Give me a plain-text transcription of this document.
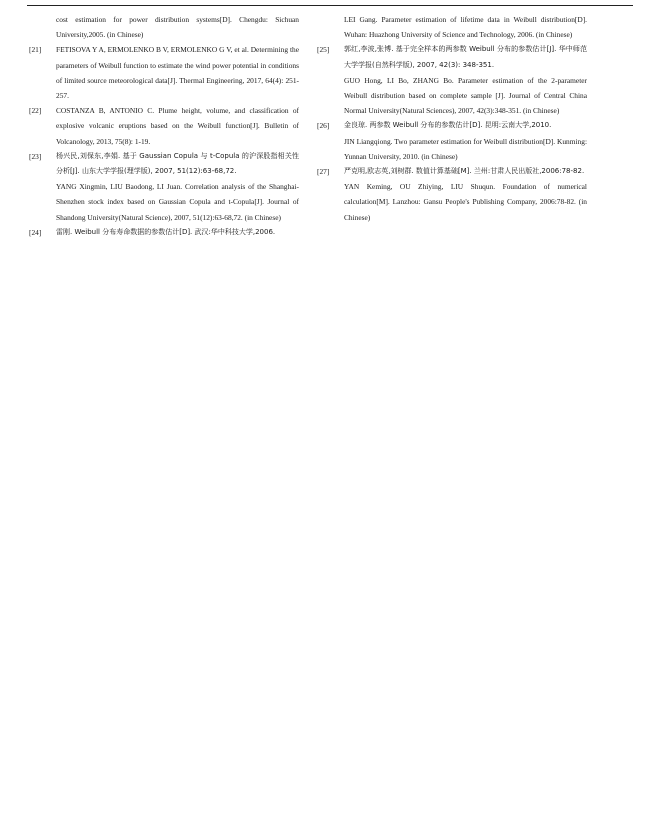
cost estimation for power distribution systems[D]. Chengdu: Sichuan University,2005. (in Chinese)

[21]	FETISOVA Y A, ERMOLENKO B V, ERMOLENKO G V, et al. Determining the parameters of Weibull function to estimate the wind power potential in conditions of limited source meteorological data[J]. Thermal Engineering, 2017, 64(4): 251-257.

[22]	COSTANZA B, ANTONIO C. Plume height, volume, and classification of explosive volcanic eruptions based on the Weibull function[J]. Bulletin of Volcanology, 2013, 75(8): 1-19.

[23]	杨兴民,刘保东,李娟. 基于 Gaussian Copula 与 t-Copula 的沪深股指相关性分析[J]. 山东大学学报(理学版), 2007, 51(12):63-68,72.

YANG Xingmin, LIU Baodong, LI Juan. Correlation analysis of the Shanghai-Shenzhen stock index based on Gaussian Copula and t-Copula[J]. Journal of Shandong University(Natural Science), 2007, 51(12):63-68,72. (in Chinese)

[24]	雷刚. Weibull 分布寿命数据的参数估计[D]. 武汉:华中科技大学,2006.

LEI Gang. Parameter estimation of lifetime data in Weibull distribution[D]. Wuhan: Huazhong University of Science and Technology, 2006. (in Chinese)

[25]	郭红,李波,张博. 基于完全样本的两参数 Weibull 分布的参数估计[J]. 华中师范大学学报(自然科学版), 2007, 42(3): 348-351.

GUO Hong, LI Bo, ZHANG Bo. Parameter estimation of the 2-parameter Weibull distribution based on complete sample [J]. Journal of Central China Normal University(Natural Sciences), 2007, 42(3):348-351. (in Chinese)

[26]	金良琼. 两参数 Weibull 分布的参数估计[D]. 昆明:云南大学,2010.

JIN Liangqiong. Two parameter estimation for Weibull distribution[D]. Kunming: Yunnan University, 2010. (in Chinese)

[27]	严克明,欧志英,刘树群. 数值计算基础[M]. 兰州:甘肃人民出版社,2006:78-82.

YAN Keming, OU Zhiying, LIU Shuqun. Foundation of numerical calculation[M]. Lanzhou: Gansu People's Publishing Company, 2006:78-82. (in Chinese)
